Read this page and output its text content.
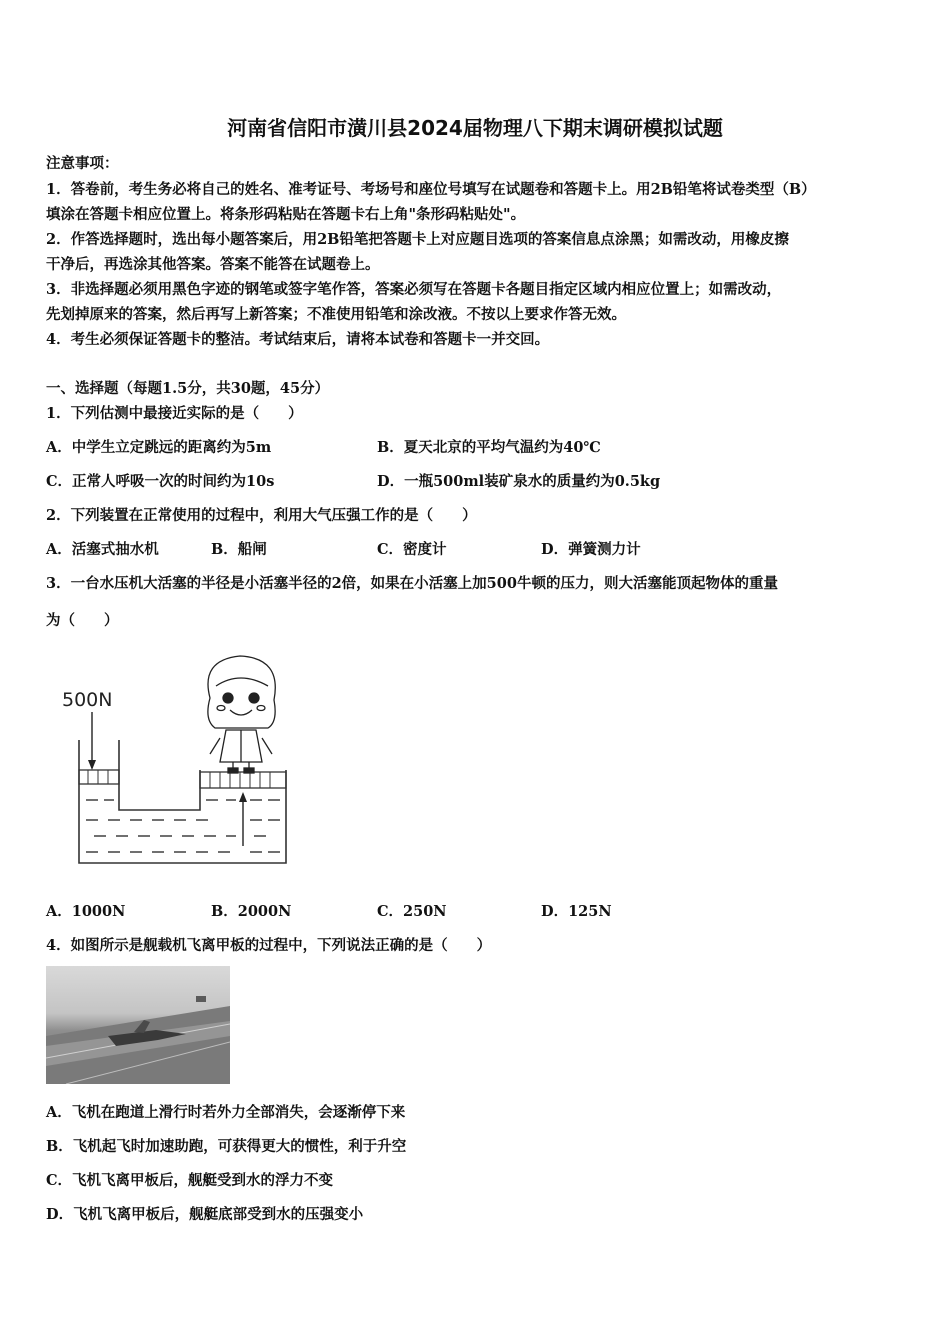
河南省信阳市潢川县2024届物理八下期末调研模拟试题
注意事项：
1．答卷前，考生务必将自己的姓名、准考证号、考场号和座位号填写在试题卷和答题卡上。用2B铅笔将试卷类型（B）
填涂在答题卡相应位置上。将条形码粘贴在答题卡右上角"条形码粘贴处"。
2．作答选择题时，选出每小题答案后，用2B铅笔把答题卡上对应题目选项的答案信息点涂黑；如需改动，用橡皮擦
干净后，再选涂其他答案。答案不能答在试题卷上。
3．非选择题必须用黑色字迹的钢笔或签字笔作答，答案必须写在答题卡各题目指定区域内相应位置上；如需改动，
先划掉原来的答案，然后再写上新答案；不准使用铅笔和涂改液。不按以上要求作答无效。
4．考生必须保证答题卡的整洁。考试结束后，请将本试卷和答题卡一并交回。
一、选择题（每题1.5分，共30题，45分）
1．下列估测中最接近实际的是（　　）
A．中学生立定跳远的距离约为5m	B．夏天北京的平均气温约为40℃
C．正常人呼吸一次的时间约为10s	D．一瓶500ml装矿泉水的质量约为0.5kg
2．下列装置在正常使用的过程中，利用大气压强工作的是（　　）
A．活塞式抽水机	B．船闸	C．密度计	D．弹簧测力计
3．一台水压机大活塞的半径是小活塞半径的2倍，如果在小活塞上加500牛顿的压力，则大活塞能顶起物体的重量
为（　　）
500N
A．1000N	B．2000N	C．250N	D．125N
4．如图所示是舰载机飞离甲板的过程中，下列说法正确的是（　　）
A．飞机在跑道上滑行时若外力全部消失，会逐渐停下来
B．飞机起飞时加速助跑，可获得更大的惯性，利于升空
C．飞机飞离甲板后，舰艇受到水的浮力不变
D．飞机飞离甲板后，舰艇底部受到水的压强变小
